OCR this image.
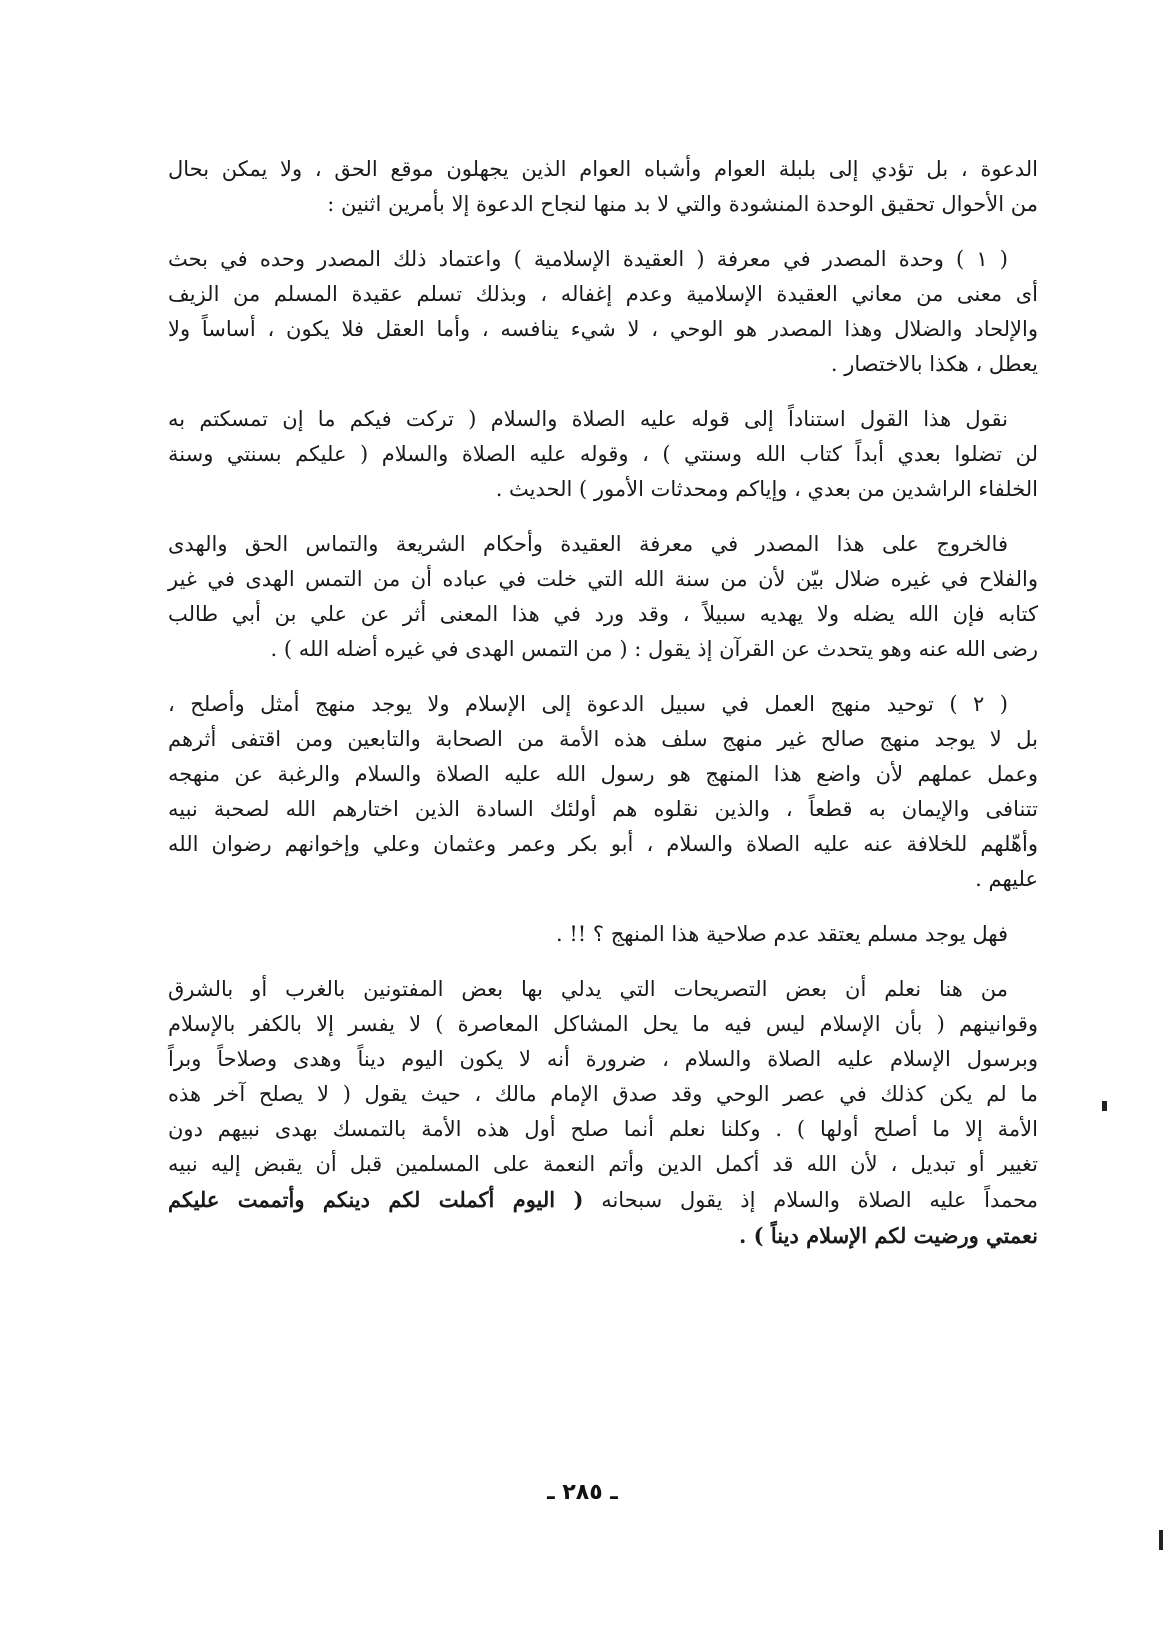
الدعوة ، بل تؤدي إلى بلبلة العوام وأشباه العوام الذين يجهلون موقع الحق ، ولا يمكن بحال
من الأحوال تحقيق الوحدة المنشودة والتي لا بد منها لنجاح الدعوة إلا بأمرين اثنين :

( ١ ) وحدة المصدر في معرفة ( العقيدة الإسلامية ) واعتماد ذلك المصدر وحده في بحث
أى معنى من معاني العقيدة الإسلامية وعدم إغفاله ، وبذلك تسلم عقيدة المسلم من الزيف
والإلحاد والضلال وهذا المصدر هو الوحي ، لا شيء ينافسه ، وأما العقل فلا يكون ، أساساً ولا
يعطل ، هكذا بالاختصار .

نقول هذا القول استناداً إلى قوله عليه الصلاة والسلام ( تركت فيكم ما إن تمسكتم به
لن تضلوا بعدي أبداً كتاب الله وسنتي ) ، وقوله عليه الصلاة والسلام ( عليكم بسنتي وسنة
الخلفاء الراشدين من بعدي ، وإياكم ومحدثات الأمور ) الحديث .

فالخروج على هذا المصدر في معرفة العقيدة وأحكام الشريعة والتماس الحق والهدى
والفلاح في غيره ضلال بيّن لأن من سنة الله التي خلت في عباده أن من التمس الهدى في غير
كتابه فإن الله يضله ولا يهديه سبيلاً ، وقد ورد في هذا المعنى أثر عن علي بن أبي طالب
رضى الله عنه وهو يتحدث عن القرآن إذ يقول : ( من التمس الهدى في غيره أضله الله ) .

( ٢ ) توحيد منهج العمل في سبيل الدعوة إلى الإسلام ولا يوجد منهج أمثل وأصلح ،
بل لا يوجد منهج صالح غير منهج سلف هذه الأمة من الصحابة والتابعين ومن اقتفى أثرهم
وعمل عملهم لأن واضع هذا المنهج هو رسول الله عليه الصلاة والسلام والرغبة عن منهجه
تتنافى والإيمان به قطعاً ، والذين نقلوه هم أولئك السادة الذين اختارهم الله لصحبة نبيه
وأهّلهم للخلافة عنه عليه الصلاة والسلام ، أبو بكر وعمر وعثمان وعلي وإخوانهم رضوان الله
عليهم .

فهل يوجد مسلم يعتقد عدم صلاحية هذا المنهج ؟ !! .

من هنا نعلم أن بعض التصريحات التي يدلي بها بعض المفتونين بالغرب أو بالشرق
وقوانينهم ( بأن الإسلام ليس فيه ما يحل المشاكل المعاصرة ) لا يفسر إلا بالكفر بالإسلام
وبرسول الإسلام عليه الصلاة والسلام ، ضرورة أنه لا يكون اليوم ديناً وهدى وصلاحاً وبراً
ما لم يكن كذلك في عصر الوحي وقد صدق الإمام مالك ، حيث يقول ( لا يصلح آخر هذه
الأمة إلا ما أصلح أولها ) . وكلنا نعلم أنما صلح أول هذه الأمة بالتمسك بهدى نبيهم دون
تغيير أو تبديل ، لأن الله قد أكمل الدين وأتم النعمة على المسلمين قبل أن يقبض إليه نبيه
محمداً عليه الصلاة والسلام إذ يقول سبحانه ( اليوم أكملت لكم دينكم وأتممت عليكم
نعمتي ورضيت لكم الإسلام ديناً ) .

ـ ٢٨٥ ـ
